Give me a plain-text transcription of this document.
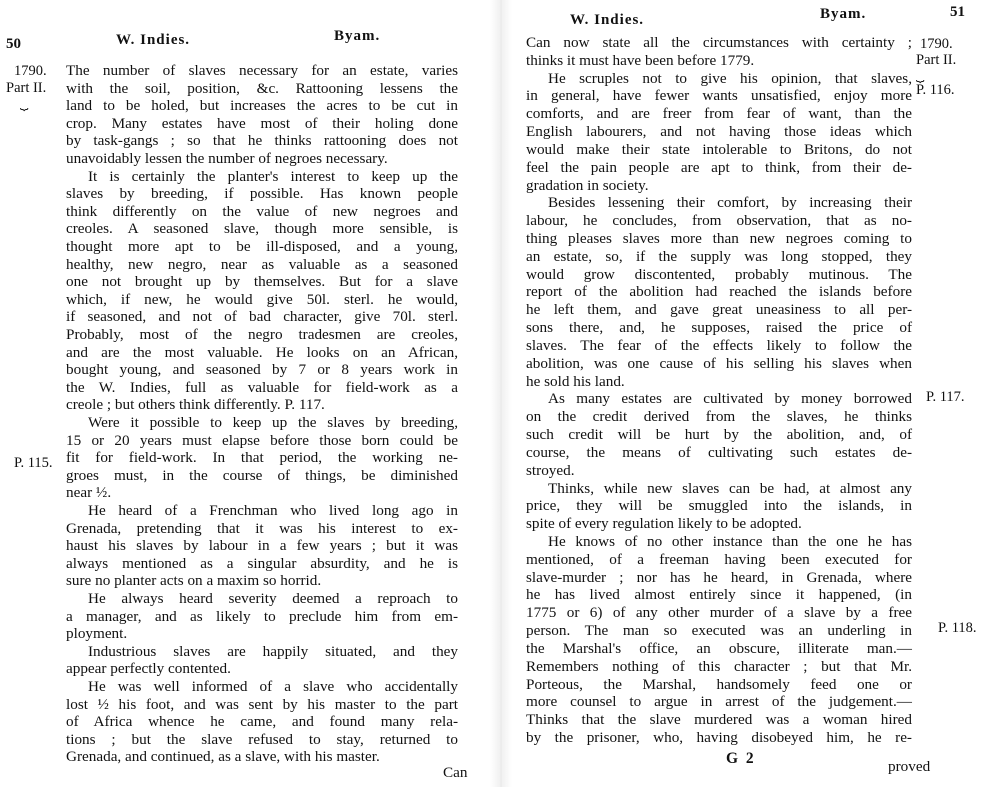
50	W. Indies.	Byam.
1790.
Part II.
⏟
P. 115.
The number of slaves necessary for an estate, varies
with the soil, position, &c. Rattooning lessens the
land to be holed, but increases the acres to be cut in
crop. Many estates have most of their holing done
by task-gangs ; so that he thinks rattooning does not
unavoidably lessen the number of negroes necessary.
It is certainly the planter's interest to keep up the
slaves by breeding, if possible. Has known people
think differently on the value of new negroes and
creoles. A seasoned slave, though more sensible, is
thought more apt to be ill-disposed, and a young,
healthy, new negro, near as valuable as a seasoned
one not brought up by themselves. But for a slave
which, if new, he would give 50l. sterl. he would,
if seasoned, and not of bad character, give 70l. sterl.
Probably, most of the negro tradesmen are creoles,
and are the most valuable. He looks on an African,
bought young, and seasoned by 7 or 8 years work in
the W. Indies, full as valuable for field-work as a
creole ; but others think differently. P. 117.
Were it possible to keep up the slaves by breeding,
15 or 20 years must elapse before those born could be
fit for field-work. In that period, the working ne-
groes must, in the course of things, be diminished
near ½.
He heard of a Frenchman who lived long ago in
Grenada, pretending that it was his interest to ex-
haust his slaves by labour in a few years ; but it was
always mentioned as a singular absurdity, and he is
sure no planter acts on a maxim so horrid.
He always heard severity deemed a reproach to
a manager, and as likely to preclude him from em-
ployment.
Industrious slaves are happily situated, and they
appear perfectly contented.
He was well informed of a slave who accidentally
lost ½ his foot, and was sent by his master to the part
of Africa whence he came, and found many rela-
tions ; but the slave refused to stay, returned to
Grenada, and continued, as a slave, with his master.
Can
W. Indies.	Byam.	51
1790.
Part II.
⏟
P. 116.
P. 117.
P. 118.
Can now state all the circumstances with certainty ;
thinks it must have been before 1779.
He scruples not to give his opinion, that slaves,
in general, have fewer wants unsatisfied, enjoy more
comforts, and are freer from fear of want, than the
English labourers, and not having those ideas which
would make their state intolerable to Britons, do not
feel the pain people are apt to think, from their de-
gradation in society.
Besides lessening their comfort, by increasing their
labour, he concludes, from observation, that as no-
thing pleases slaves more than new negroes coming to
an estate, so, if the supply was long stopped, they
would grow discontented, probably mutinous. The
report of the abolition had reached the islands before
he left them, and gave great uneasiness to all per-
sons there, and, he supposes, raised the price of
slaves. The fear of the effects likely to follow the
abolition, was one cause of his selling his slaves when
he sold his land.
As many estates are cultivated by money borrowed
on the credit derived from the slaves, he thinks
such credit will be hurt by the abolition, and, of
course, the means of cultivating such estates de-
stroyed.
Thinks, while new slaves can be had, at almost any
price, they will be smuggled into the islands, in
spite of every regulation likely to be adopted.
He knows of no other instance than the one he has
mentioned, of a freeman having been executed for
slave-murder ; nor has he heard, in Grenada, where
he has lived almost entirely since it happened, (in
1775 or 6) of any other murder of a slave by a free
person. The man so executed was an underling in
the Marshal's office, an obscure, illiterate man.—
Remembers nothing of this character ; but that Mr.
Porteous, the Marshal, handsomely feed one or
more counsel to argue in arrest of the judgement.—
Thinks that the slave murdered was a woman hired
by the prisoner, who, having disobeyed him, he re-
G 2	proved
